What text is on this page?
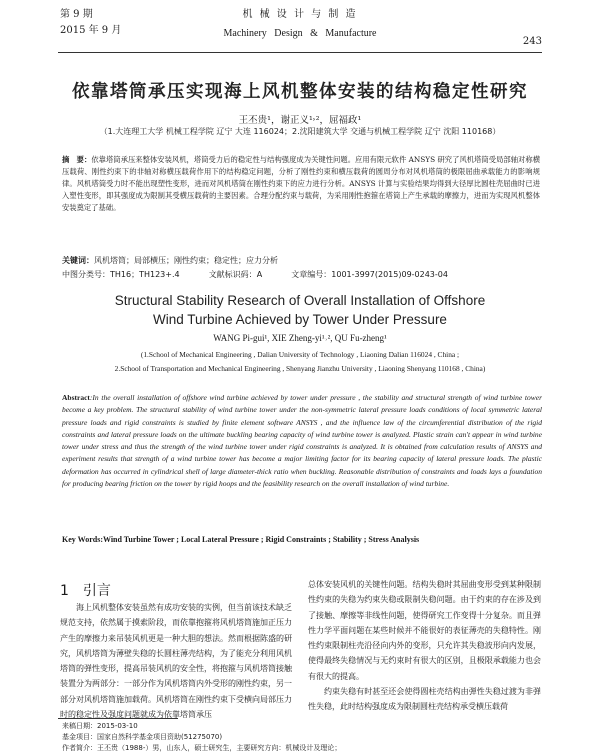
第 9 期
2015 年 9 月
机 械 设 计 与 制 造
Machinery   Design   &   Manufacture
243
依靠塔筒承压实现海上风机整体安装的结构稳定性研究
王丕贵¹，谢正义¹˒²，屈福政¹
（1.大连理工大学 机械工程学院 辽宁 大连 116024；2.沈阳建筑大学 交通与机械工程学院 辽宁 沈阳 110168）
摘　要：依靠塔筒承压来整体安装风机，塔筒受力后的稳定性与结构强度成为关键性问题。应用有限元软件 ANSYS 研究了风机塔筒受局部轴对称横压载荷、刚性约束下的非轴对称横压载荷作用下的结构稳定问题，分析了刚性约束和横压载荷的圆周分布对风机塔筒的极限屈曲承载能力的影响规律。风机塔筒受力时不能出现塑性变形，进而对风机塔筒在刚性约束下的应力进行分析。ANSYS 计算与实验结果均得到大径厚比圆柱壳屈曲时已进入塑性变形，即其强度成为限制其受横压载荷的主要因素。合理分配约束与载荷，为采用刚性抱箍在塔筒上产生承载的摩擦力，进而为实现风机整体安装奠定了基础。
关键词：风机塔筒；局部横压；刚性约束；稳定性；应力分析
中图分类号：TH16；TH123+.4	文献标识码：A	文章编号：1001-3997(2015)09-0243-04
Structural Stability Research of Overall Installation of Offshore Wind Turbine Achieved by Tower Under Pressure
WANG Pi-gui¹, XIE Zheng-yi¹˒², QU Fu-zheng¹
(1.School of Mechanical Engineering , Dalian University of Technology , Liaoning Dalian 116024 , China ;
2.School of Transportation and Mechanical Engineering , Shenyang Jianzhu University , Liaoning Shenyang 110168 , China)
Abstract:In the overall installation of offshore wind turbine achieved by tower under pressure , the stability and structural strength of wind turbine tower become a key problem. The structural stability of wind turbine tower under the non-symmetric lateral pressure loads conditions of local symmetric lateral pressure loads and rigid constraints is studied by finite element software ANSYS , and the influence law of the circumferential distribution of the rigid constraints and lateral pressure loads on the ultimate buckling bearing capacity of wind turbine tower is analyzed. Plastic strain can't appear in wind turbine tower under stress and thus the strength of the wind turbine tower under rigid constraints is analyzed. It is obtained from calculation results of ANSYS and experiment results that strength of a wind turbine tower has become a major limiting factor for its bearing capacity of lateral pressure loads. The plastic deformation has occurred in cylindrical shell of large diameter-thick ratio when buckling. Reasonable distribution of constraints and loads lays a foundation for producing bearing friction on the tower by rigid hoops and the feasibility research on the overall installation of wind turbine.
Key Words:Wind Turbine Tower ; Local Lateral Pressure ; Rigid Constraints ; Stability ; Stress Analysis
1　引言

海上风机整体安装虽然有成功安装的实例，但当前该技术缺乏规范支持，依然属于摸索阶段，而依靠抱箍将风机塔筒施加正压力产生的摩擦力来吊装风机更是一种大胆的想法。然而根据陈盛的研究，风机塔筒为薄壁失稳的长圆柱薄壳结构，为了能充分利用风机塔筒的弹性变形，提高吊装风机的安全性，将抱箍与风机塔筒接触装置分为两部分：一部分作为风机塔筒内外受形的刚性约束，另一部分对风机塔筒施加载荷。风机塔筒在刚性约束下受横向局部压力时的稳定性及强度问题就成为依靠塔筒承压

总体安装风机的关键性问题。结构失稳时其屈曲变形受到某种限制性约束的失稳为约束失稳或限制失稳问题。由于约束的存在涉及到了接触、摩擦等非线性问题，使得研究工作变得十分复杂。而且弹性力学平面问题在某些时候并不能很好的表征薄壳的失稳特性。刚性约束限制柱壳沿径向内外的变形，只允许其失稳波形向内发展，使得最终失稳情况与无约束时有很大的区别，且极限承载能力也会有很大的提高。

约束失稳有时甚至还会使得圆柱壳结构由弹性失稳过渡为非弹性失稳，此时结构强度成为限制圆柱壳结构承受横压载荷

来稿日期：2015-03-10
基金项目：国家自然科学基金项目资助(51275070)
作者简介：王丕贵（1988-）男，山东人，硕士研究生，主要研究方向：机械设计及理论；
